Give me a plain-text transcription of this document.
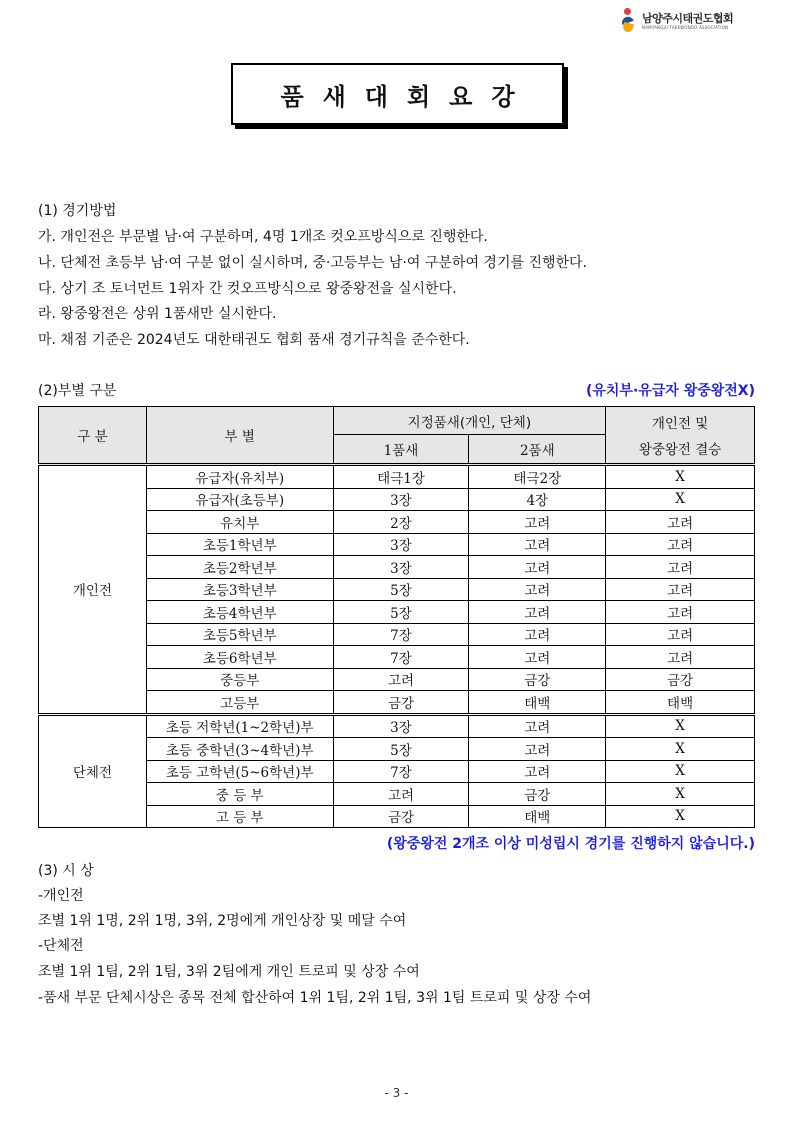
남양주시태권도협회
NAMYANGJU TAEKWONDO ASSOCIATION
품새대회요강
(1) 경기방법
가. 개인전은 부문별 남·여 구분하며, 4명 1개조 컷오프방식으로 진행한다.
나. 단체전 초등부 남·여 구분 없이 실시하며, 중·고등부는 남·여 구분하여 경기를 진행한다.
다. 상기 조 토너먼트 1위자 간 컷오프방식으로 왕중왕전을 실시한다.
라. 왕중왕전은 상위 1품새만 실시한다.
마. 채점 기준은 2024년도 대한태권도 협회 품새 경기규칙을 준수한다.
(2)부별 구분	(유치부·유급자 왕중왕전X)
구 분	부 별	지정품새(개인, 단체)		개인전 및
왕중왕전 결승

		1품새	2품새	
개인전	유급자(유치부)	태극1장	태극2장	X
	유급자(초등부)	3장	4장	X
	유치부	2장	고려	고려
	초등1학년부	3장	고려	고려
	초등2학년부	3장	고려	고려
	초등3학년부	5장	고려	고려
	초등4학년부	5장	고려	고려
	초등5학년부	7장	고려	고려
	초등6학년부	7장	고려	고려
	중등부	고려	금강	금강
	고등부	금강	태백	태백
단체전	초등 저학년(1~2학년)부	3장	고려	X
	초등 중학년(3~4학년)부	5장	고려	X
	초등 고학년(5~6학년)부	7장	고려	X
	중 등 부	고려	금강	X
	고 등 부	금강	태백	X
(왕중왕전 2개조 이상 미성립시 경기를 진행하지 않습니다.)
(3) 시 상
-개인전
조별 1위 1명, 2위 1명, 3위, 2명에게 개인상장 및 메달 수여
-단체전
조별 1위 1팀, 2위 1팀, 3위 2팀에게 개인 트로피 및 상장 수여
-품새 부문 단체시상은 종목 전체 합산하여 1위 1팀, 2위 1팀, 3위 1팀 트로피 및 상장 수여
- 3 -
